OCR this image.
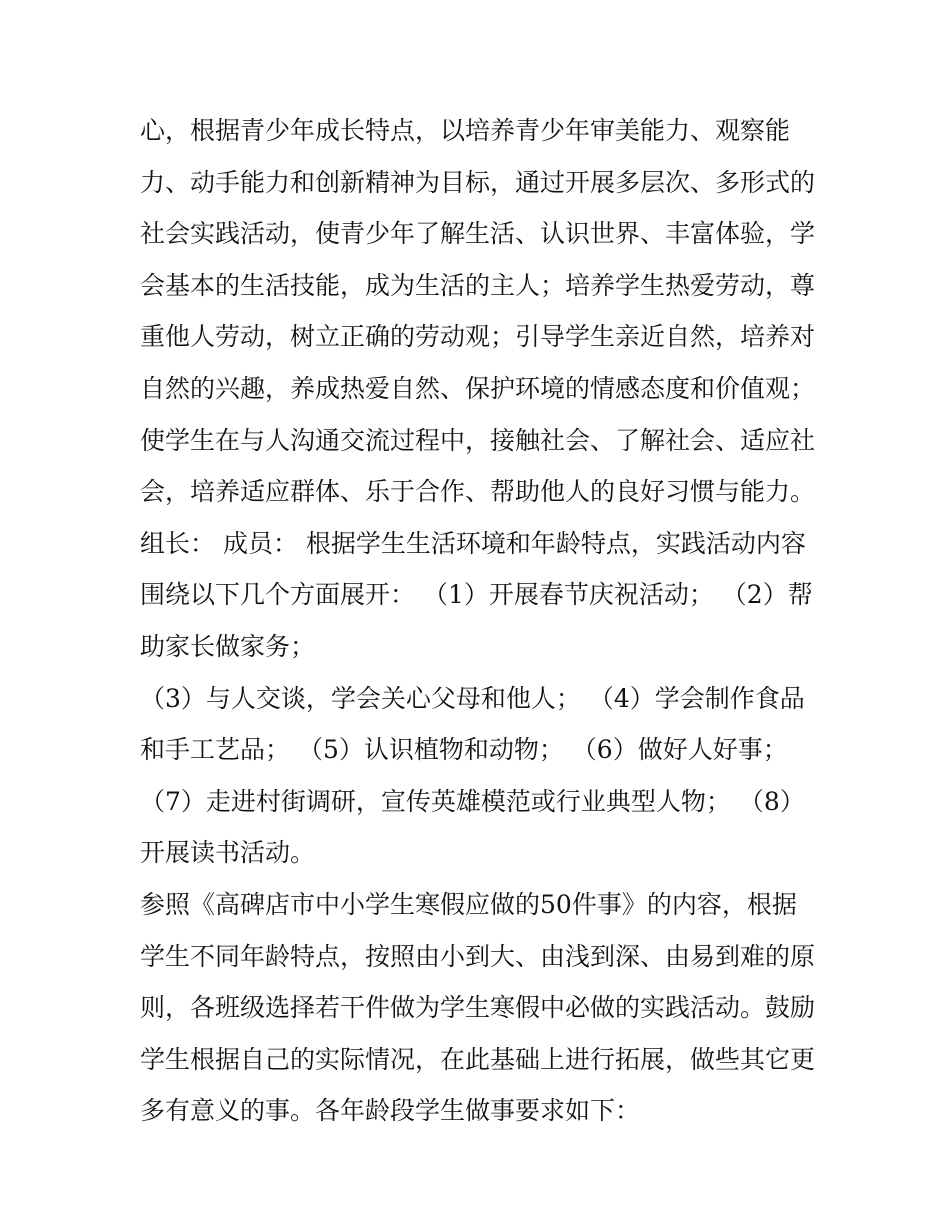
心，根据青少年成长特点，以培养青少年审美能力、观察能
力、动手能力和创新精神为目标，通过开展多层次、多形式的
社会实践活动，使青少年了解生活、认识世界、丰富体验，学
会基本的生活技能，成为生活的主人；培养学生热爱劳动，尊
重他人劳动，树立正确的劳动观；引导学生亲近自然，培养对
自然的兴趣，养成热爱自然、保护环境的情感态度和价值观；
使学生在与人沟通交流过程中，接触社会、了解社会、适应社
会，培养适应群体、乐于合作、帮助他人的良好习惯与能力。
组长： 成员： 根据学生生活环境和年龄特点，实践活动内容
围绕以下几个方面展开： （1）开展春节庆祝活动； （2）帮
助家长做家务；
（3）与人交谈，学会关心父母和他人； （4）学会制作食品
和手工艺品； （5）认识植物和动物； （6）做好人好事；
（7）走进村街调研，宣传英雄模范或行业典型人物； （8）
开展读书活动。
参照《高碑店市中小学生寒假应做的50件事》的内容，根据
学生不同年龄特点，按照由小到大、由浅到深、由易到难的原
则，各班级选择若干件做为学生寒假中必做的实践活动。鼓励
学生根据自己的实际情况，在此基础上进行拓展，做些其它更
多有意义的事。各年龄段学生做事要求如下：
